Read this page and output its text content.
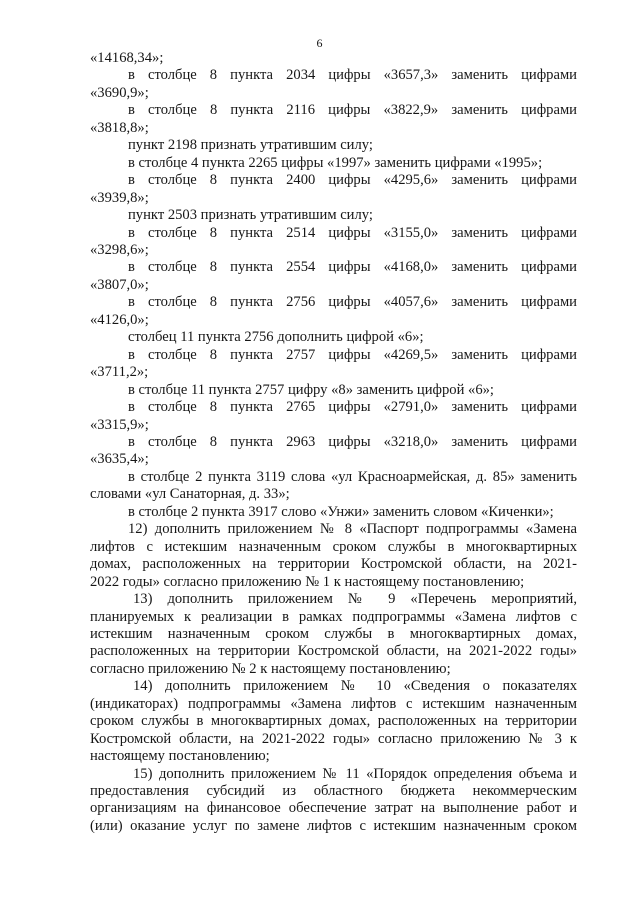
6

«14168,34»;

в столбце 8 пункта 2034 цифры «3657,3» заменить цифрами

«3690,9»;

в столбце 8 пункта 2116 цифры «3822,9» заменить цифрами

«3818,8»;

пункт 2198 признать утратившим силу;

в столбце 4 пункта 2265 цифры «1997» заменить цифрами «1995»;

в столбце 8 пункта 2400 цифры «4295,6» заменить цифрами

«3939,8»;

пункт 2503 признать утратившим силу;

в столбце 8 пункта 2514 цифры «3155,0» заменить цифрами

«3298,6»;

в столбце 8 пункта 2554 цифры «4168,0» заменить цифрами

«3807,0»;

в столбце 8 пункта 2756 цифры «4057,6» заменить цифрами

«4126,0»;

столбец 11 пункта 2756 дополнить цифрой «6»;

в столбце 8 пункта 2757 цифры «4269,5» заменить цифрами

«3711,2»;

в столбце 11 пункта 2757 цифру «8» заменить цифрой «6»;

в столбце 8 пункта 2765 цифры «2791,0» заменить цифрами

«3315,9»;

в столбце 8 пункта 2963 цифры «3218,0» заменить цифрами

«3635,4»;

в столбце 2 пункта 3119 слова «ул Красноармейская, д. 85» заменить

словами «ул Санаторная, д. 33»;

в столбце 2 пункта 3917 слово «Унжи» заменить словом «Киченки»;

12) дополнить приложением № 8 «Паспорт подпрограммы «Замена

лифтов с истекшим назначенным сроком службы в многоквартирных

домах, расположенных на территории Костромской области, на 2021-

2022 годы» согласно приложению № 1 к настоящему постановлению;

13) дополнить приложением № 9 «Перечень мероприятий,

планируемых к реализации в рамках подпрограммы «Замена лифтов с

истекшим назначенным сроком службы в многоквартирных домах,

расположенных на территории Костромской области, на 2021-2022 годы»

согласно приложению № 2 к настоящему постановлению;

14) дополнить приложением № 10 «Сведения о показателях

(индикаторах) подпрограммы «Замена лифтов с истекшим назначенным

сроком службы в многоквартирных домах, расположенных на территории

Костромской области, на 2021-2022 годы» согласно приложению № 3 к

настоящему постановлению;

15) дополнить приложением № 11 «Порядок определения объема и

предоставления субсидий из областного бюджета некоммерческим

организациям на финансовое обеспечение затрат на выполнение работ и

(или) оказание услуг по замене лифтов с истекшим назначенным сроком
